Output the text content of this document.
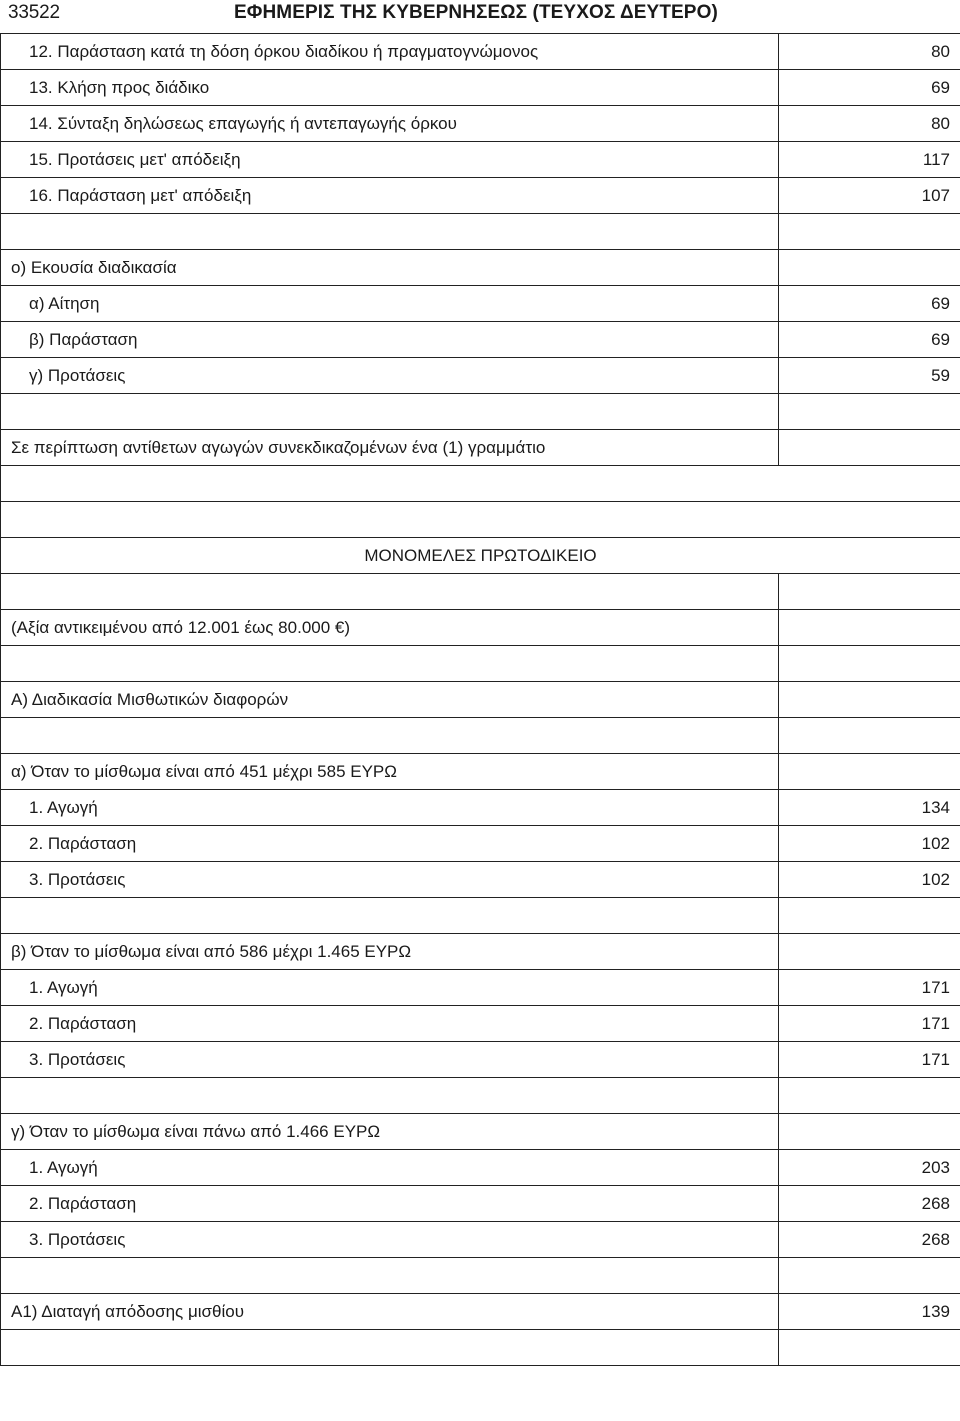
33522	ΕΦΗΜΕΡΙΣ ΤΗΣ ΚΥΒΕΡΝΗΣΕΩΣ (ΤΕΥΧΟΣ ΔΕΥΤΕΡΟ)
12. Παράσταση κατά τη δόση όρκου διαδίκου ή πραγματογνώμονος	80
13. Κλήση προς διάδικο	69
14. Σύνταξη δηλώσεως επαγωγής ή αντεπαγωγής όρκου	80
15. Προτάσεις μετ' απόδειξη	117
16. Παράσταση μετ' απόδειξη	107

ο) Εκουσία διαδικασία	
α) Αίτηση	69
β) Παράσταση	69
γ) Προτάσεις	59

Σε περίπτωση αντίθετων αγωγών συνεκδικαζομένων ένα (1) γραμμάτιο	

ΜΟΝΟΜΕΛΕΣ ΠΡΩΤΟΔΙΚΕΙΟ	

(Αξία αντικειμένου από 12.001 έως 80.000 €)	

Α) Διαδικασία Μισθωτικών διαφορών	

α) Όταν το μίσθωμα είναι από 451 μέχρι 585 ΕΥΡΩ	
1. Αγωγή	134
2. Παράσταση	102
3. Προτάσεις	102

β) Όταν το μίσθωμα είναι από 586 μέχρι 1.465 ΕΥΡΩ	
1. Αγωγή	171
2. Παράσταση	171
3. Προτάσεις	171

γ) Όταν το μίσθωμα είναι πάνω από 1.466 ΕΥΡΩ	
1. Αγωγή	203
2. Παράσταση	268
3. Προτάσεις	268

Α1) Διαταγή απόδοσης μισθίου	139
